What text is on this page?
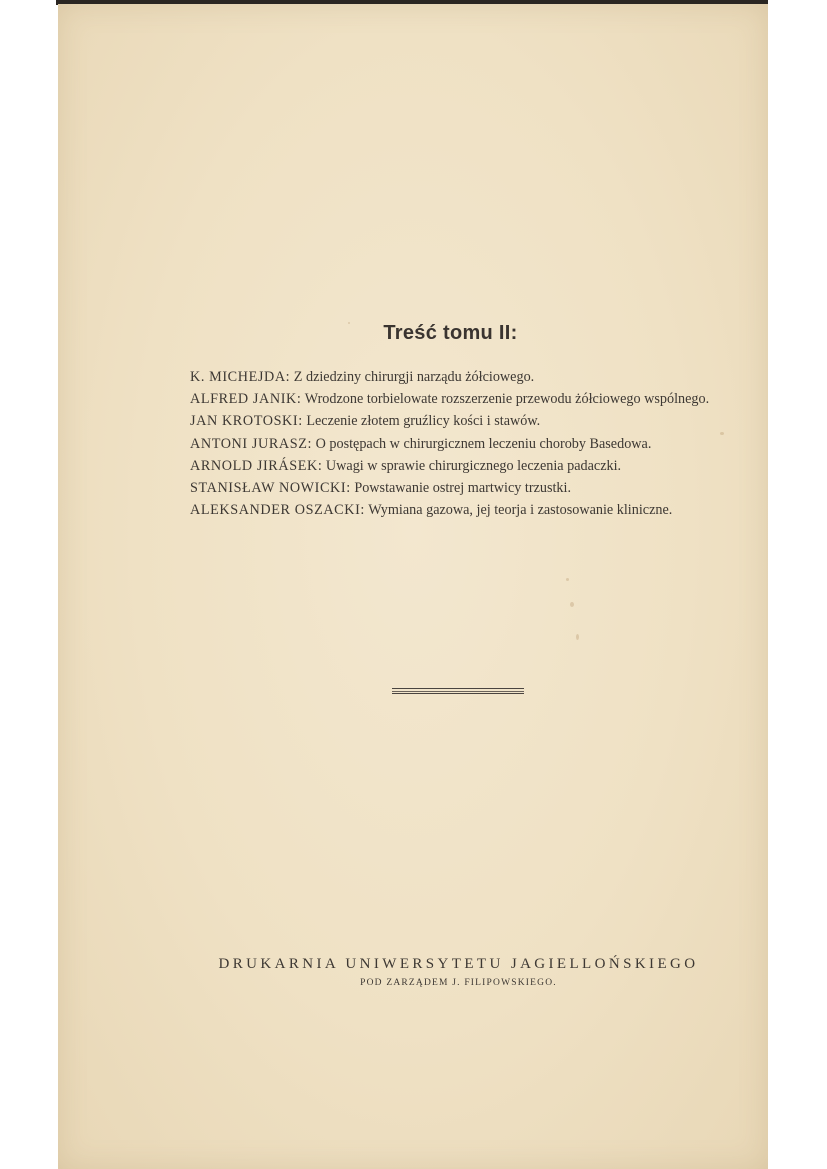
Treść tomu II:
K. MICHEJDA: Z dziedziny chirurgji narządu żółciowego.
ALFRED JANIK: Wrodzone torbielowate rozszerzenie przewodu żółciowego wspólnego.
JAN KROTOSKI: Leczenie złotem gruźlicy kości i stawów.
ANTONI JURASZ: O postępach w chirurgicznem leczeniu choroby Basedowa.
ARNOLD JIRÁSEK: Uwagi w sprawie chirurgicznego leczenia padaczki.
STANISŁAW NOWICKI: Powstawanie ostrej martwicy trzustki.
ALEKSANDER OSZACKI: Wymiana gazowa, jej teorja i zastosowanie kliniczne.
DRUKARNIA UNIWERSYTETU JAGIELLOŃSKIEGO
POD ZARZĄDEM J. FILIPOWSKIEGO.
